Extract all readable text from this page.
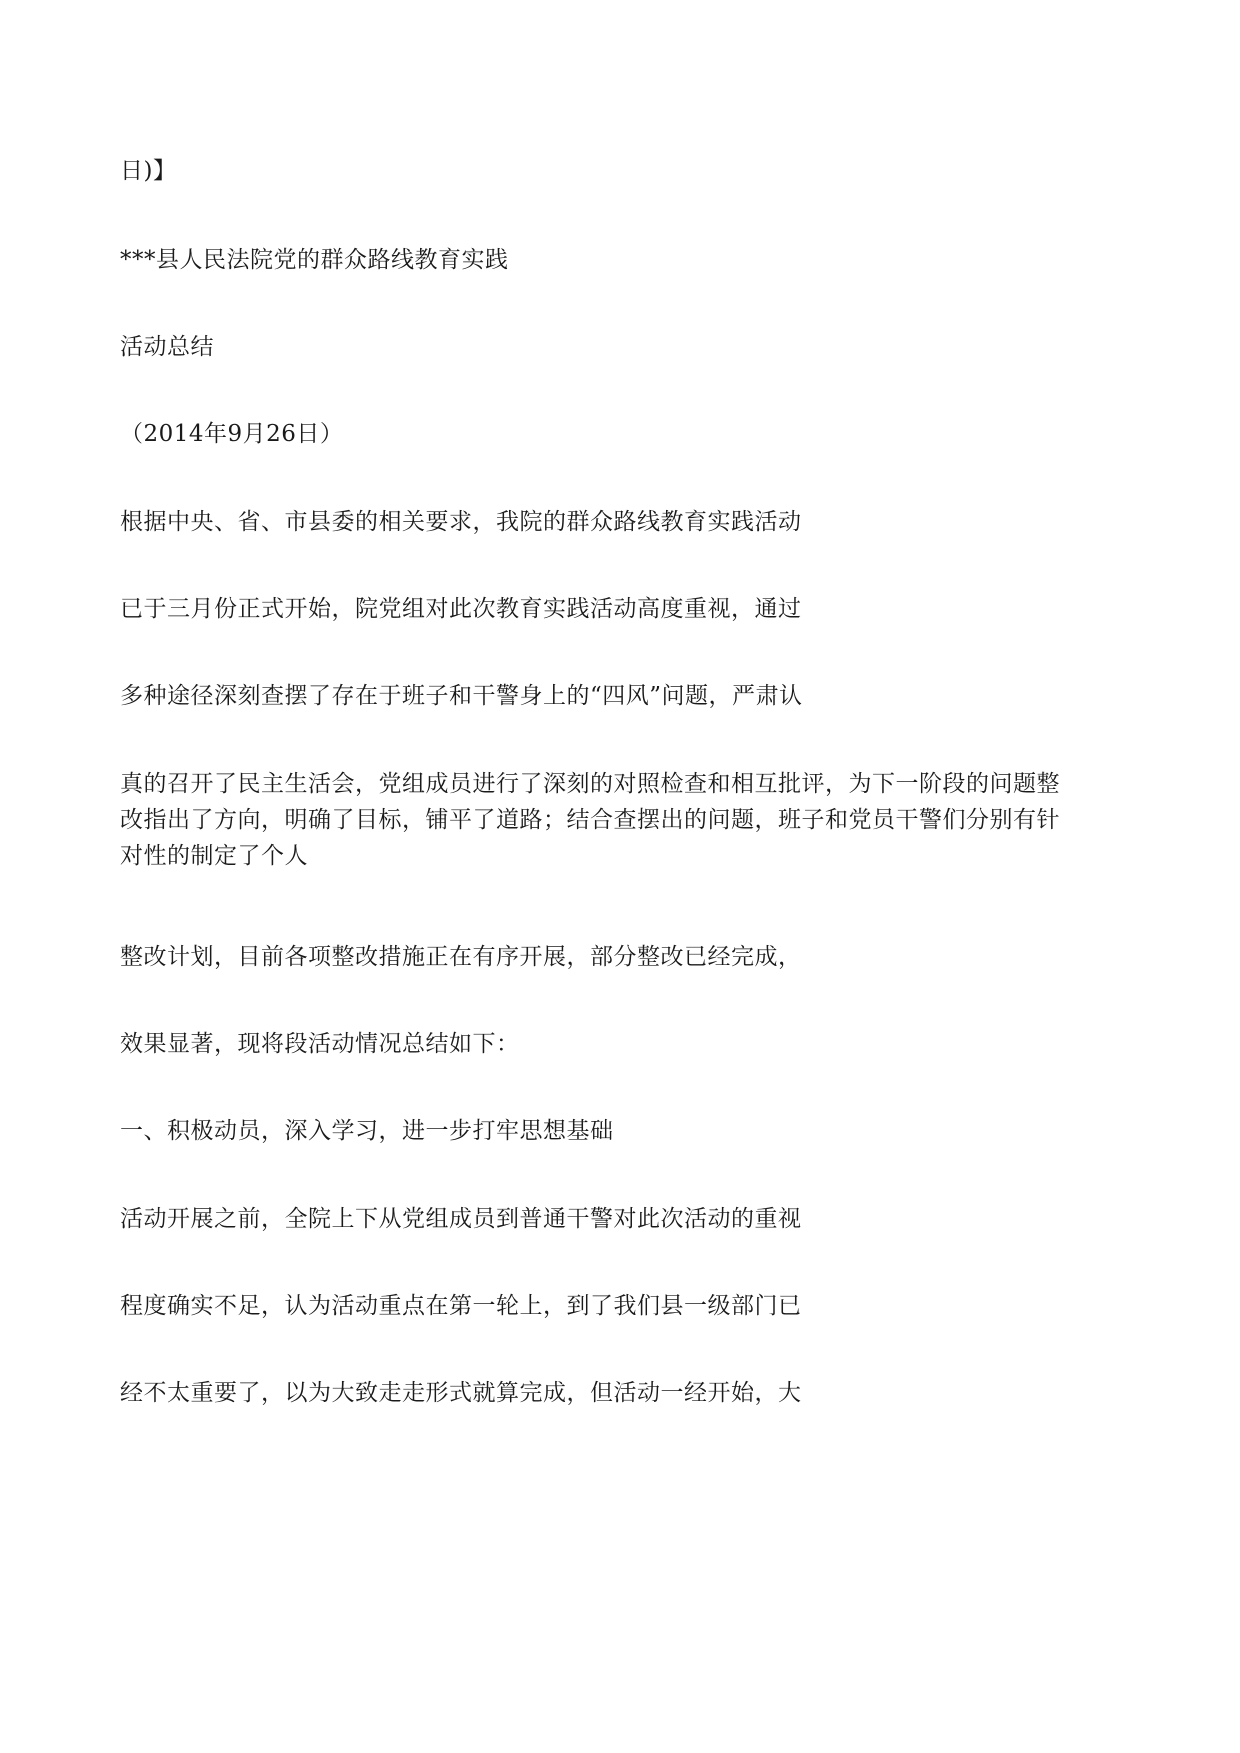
日)】
***县人民法院党的群众路线教育实践
活动总结
（2014年9月26日）
根据中央、省、市县委的相关要求，我院的群众路线教育实践活动
已于三月份正式开始，院党组对此次教育实践活动高度重视，通过
多种途径深刻查摆了存在于班子和干警身上的“四风”问题，严肃认
真的召开了民主生活会，党组成员进行了深刻的对照检查和相互批评，为下一阶段的问题整
改指出了方向，明确了目标，铺平了道路；结合查摆出的问题，班子和党员干警们分别有针
对性的制定了个人
整改计划，目前各项整改措施正在有序开展，部分整改已经完成，
效果显著，现将段活动情况总结如下：
一、积极动员，深入学习，进一步打牢思想基础
活动开展之前，全院上下从党组成员到普通干警对此次活动的重视
程度确实不足，认为活动重点在第一轮上，到了我们县一级部门已
经不太重要了，以为大致走走形式就算完成，但活动一经开始，大
